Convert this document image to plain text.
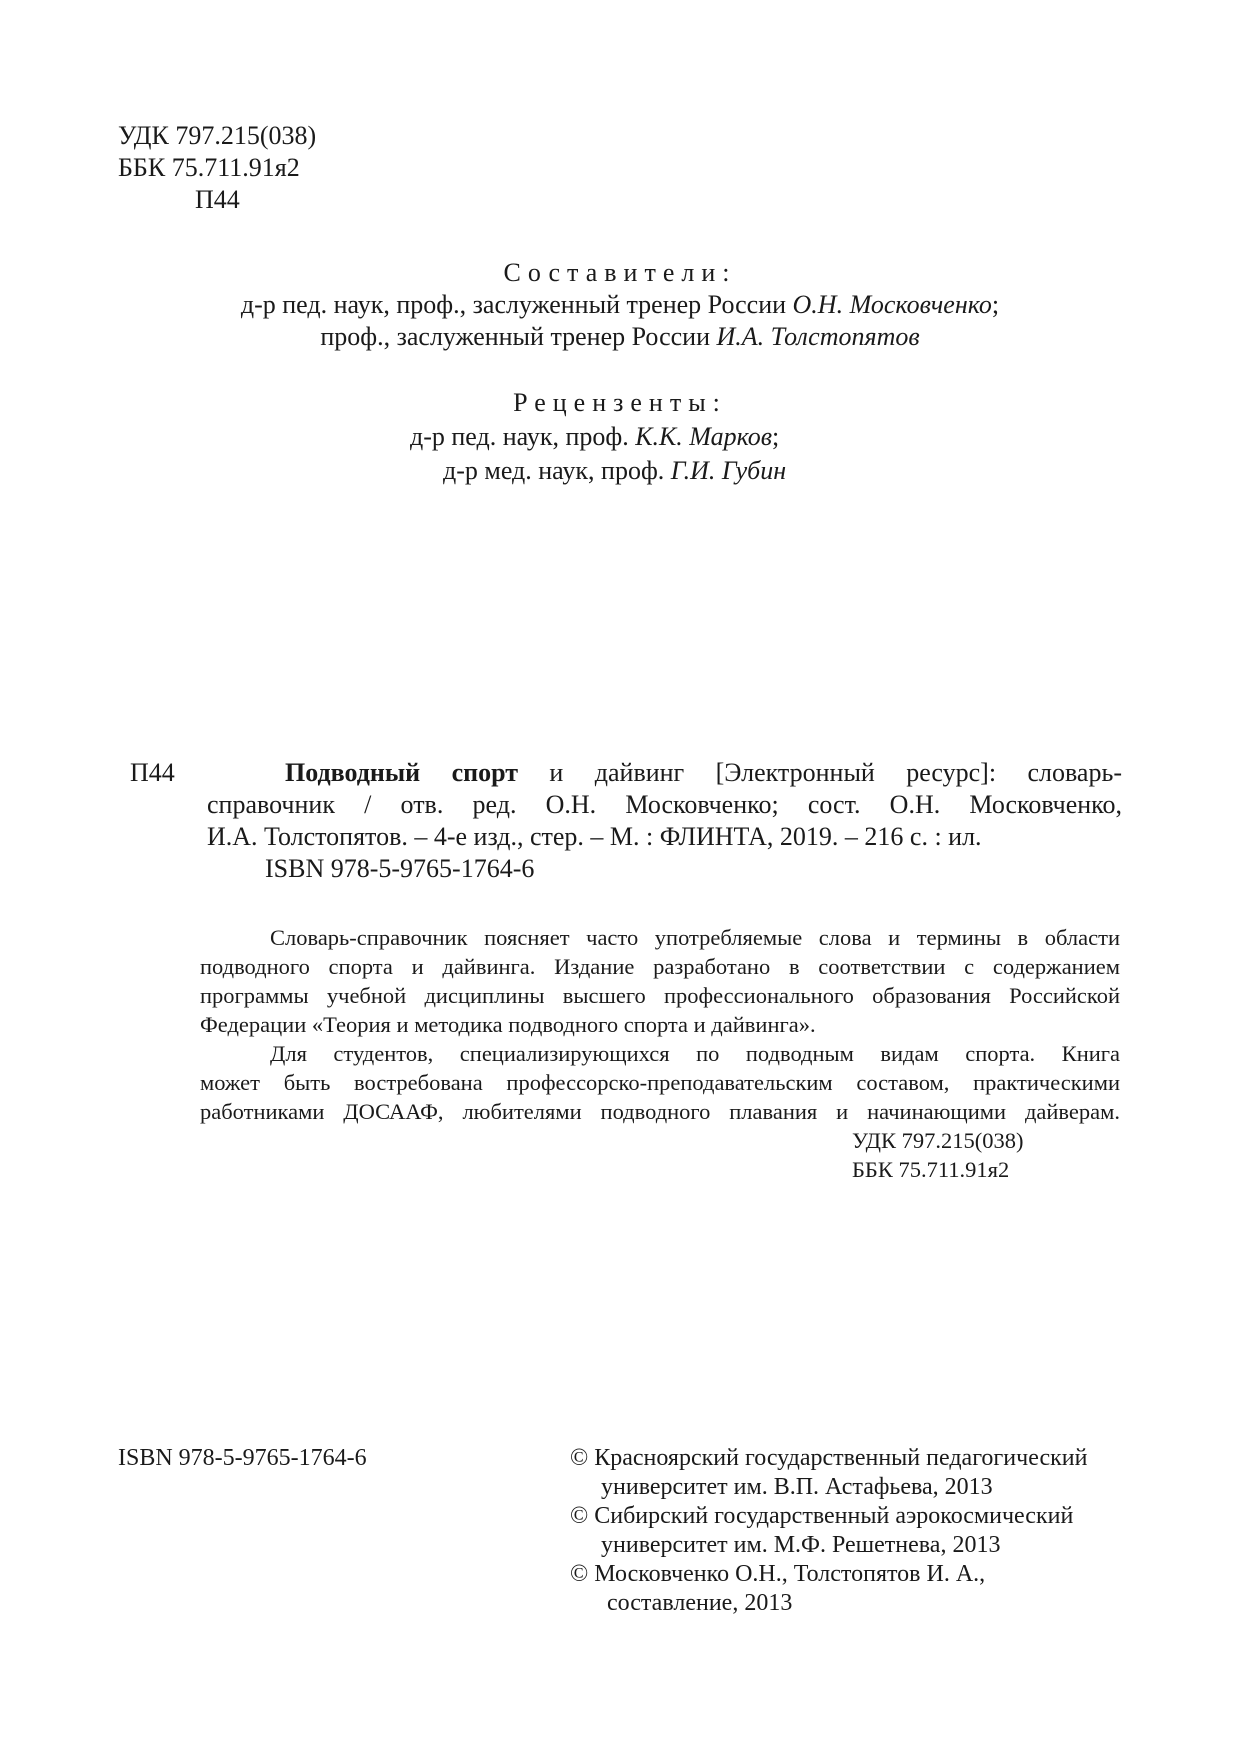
УДК 797.215(038)
ББК 75.711.91я2
П44
Составители:
д-р пед. наук, проф., заслуженный тренер России О.Н. Московченко;
проф., заслуженный тренер России И.А. Толстопятов
Рецензенты:
д-р пед. наук, проф. К.К. Марков;
д-р мед. наук, проф. Г.И. Губин
П44	Подводный спорт и дайвинг [Электронный ресурс]: словарь-
справочник / отв. ред. О.Н. Московченко; сост. О.Н. Московченко,
И.А. Толстопятов. – 4-е изд., стер. – М. : ФЛИНТА, 2019. – 216 с. : ил.
ISBN 978-5-9765-1764-6
Словарь-справочник поясняет часто употребляемые слова и термины в области
подводного спорта и дайвинга. Издание разработано в соответствии с содержанием
программы учебной дисциплины высшего профессионального образования Российской
Федерации «Теория и методика подводного спорта и дайвинга».
Для студентов, специализирующихся по подводным видам спорта. Книга
может быть востребована профессорско-преподавательским составом, практическими
работниками ДОСААФ, любителями подводного плавания и начинающими дайверам.
УДК 797.215(038)
ББК 75.711.91я2
ISBN 978-5-9765-1764-6	© Красноярский государственный педагогический
университет им. В.П. Астафьева, 2013
© Сибирский государственный аэрокосмический
университет им. М.Ф. Решетнева, 2013
© Московченко О.Н., Толстопятов И. А.,
составление, 2013
